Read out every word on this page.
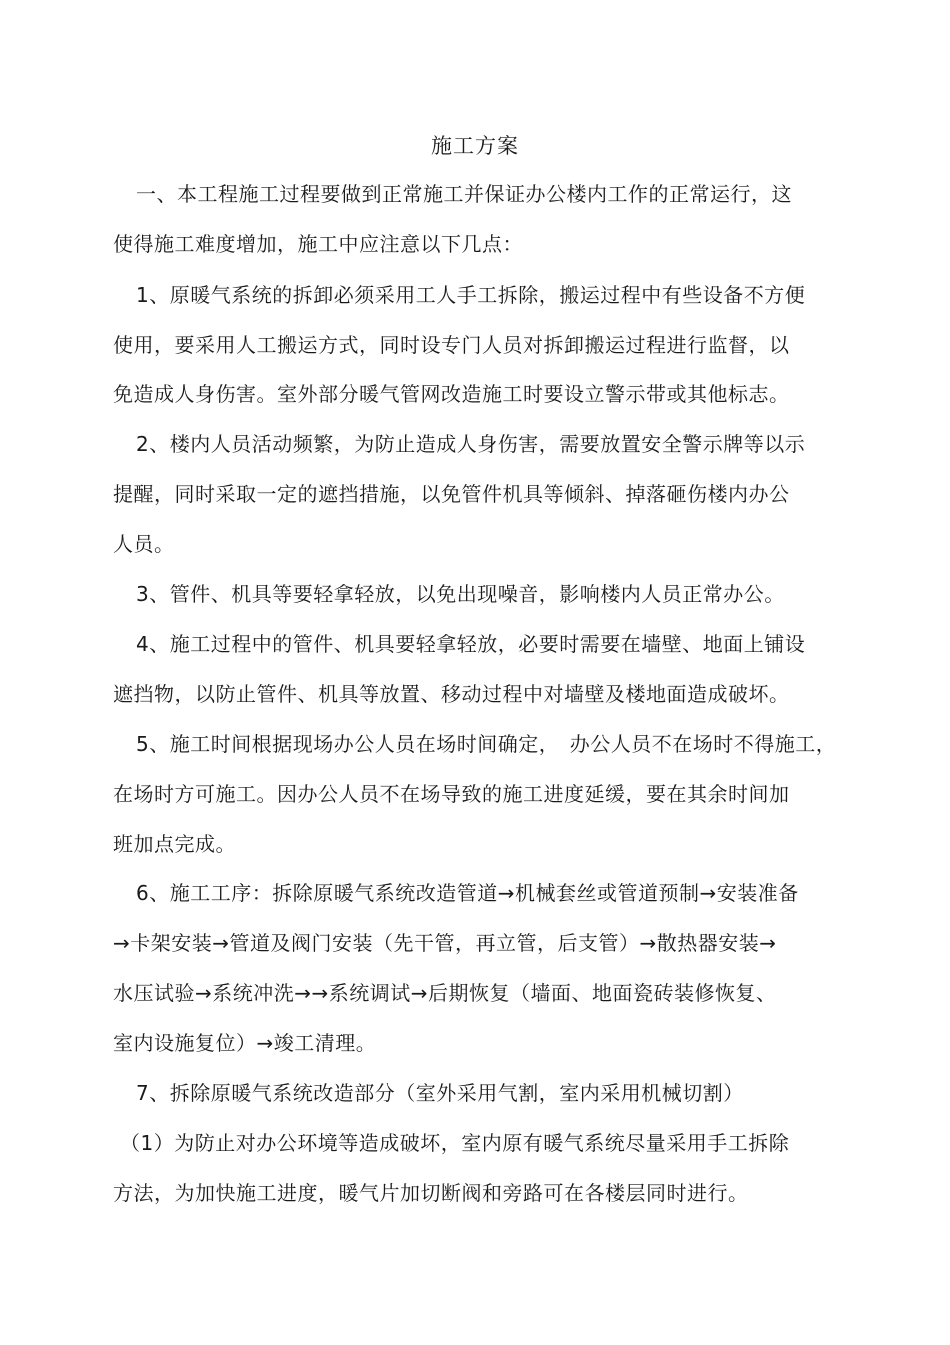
施工方案
一、本工程施工过程要做到正常施工并保证办公楼内工作的正常运行，这
使得施工难度增加，施工中应注意以下几点：
1、原暖气系统的拆卸必须采用工人手工拆除，搬运过程中有些设备不方便
使用，要采用人工搬运方式，同时设专门人员对拆卸搬运过程进行监督，以
免造成人身伤害。室外部分暖气管网改造施工时要设立警示带或其他标志。
2、楼内人员活动频繁，为防止造成人身伤害，需要放置安全警示牌等以示
提醒，同时采取一定的遮挡措施，以免管件机具等倾斜、掉落砸伤楼内办公
人员。
3、管件、机具等要轻拿轻放，以免出现噪音，影响楼内人员正常办公。
4、施工过程中的管件、机具要轻拿轻放，必要时需要在墙壁、地面上铺设
遮挡物，以防止管件、机具等放置、移动过程中对墙壁及楼地面造成破坏。
5、施工时间根据现场办公人员在场时间确定，　办公人员不在场时不得施工，
在场时方可施工。因办公人员不在场导致的施工进度延缓，要在其余时间加
班加点完成。
6、施工工序：拆除原暖气系统改造管道→机械套丝或管道预制→安装准备
→卡架安装→管道及阀门安装（先干管，再立管，后支管）→散热器安装→
水压试验→系统冲洗→→系统调试→后期恢复（墙面、地面瓷砖装修恢复、
室内设施复位）→竣工清理。
7、拆除原暖气系统改造部分（室外采用气割，室内采用机械切割）
（1）为防止对办公环境等造成破坏，室内原有暖气系统尽量采用手工拆除
方法，为加快施工进度，暖气片加切断阀和旁路可在各楼层同时进行。
